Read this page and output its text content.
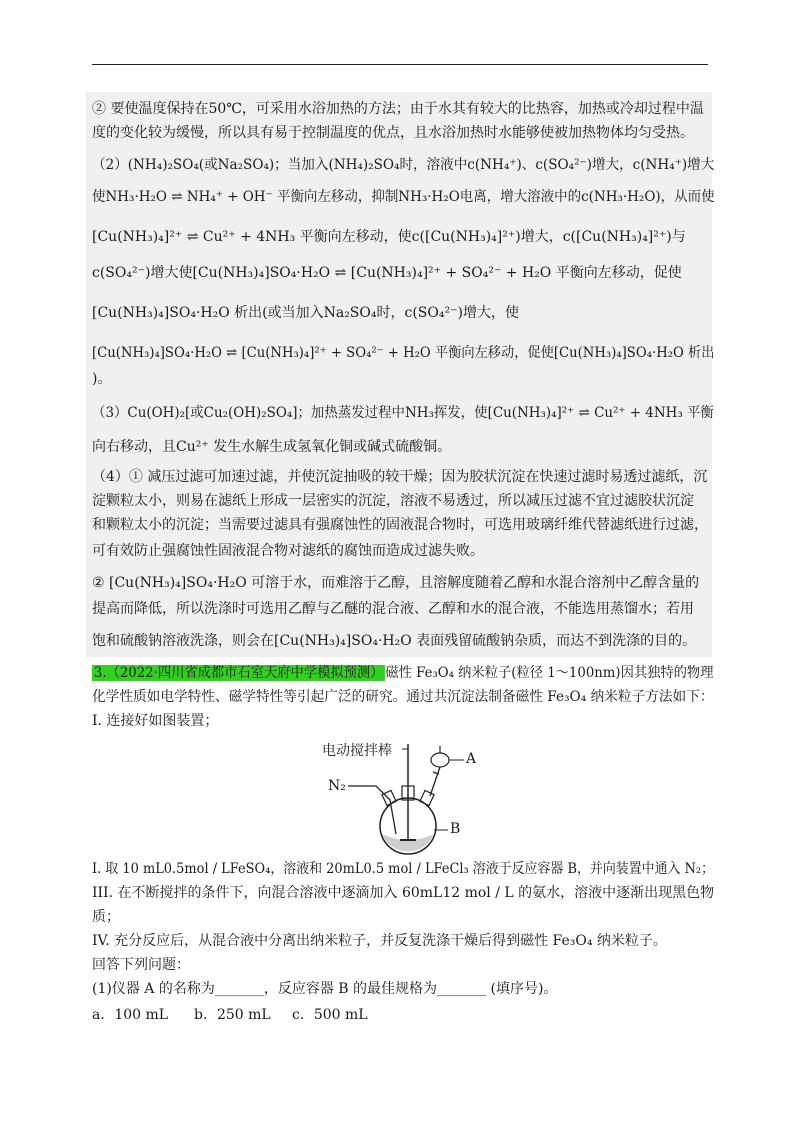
② 要使温度保持在50℃，可采用水浴加热的方法；由于水其有较大的比热容，加热或冷却过程中温
度的变化较为缓慢，所以具有易于控制温度的优点，且水浴加热时水能够使被加热物体均匀受热。
（2）(NH₄)₂SO₄(或Na₂SO₄)；当加入(NH₄)₂SO₄时，溶液中c(NH₄⁺)、c(SO₄²⁻)增大，c(NH₄⁺)增大
使NH₃·H₂O ⇌ NH₄⁺ + OH⁻ 平衡向左移动，抑制NH₃·H₂O电离，增大溶液中的c(NH₃·H₂O)，从而使
[Cu(NH₃)₄]²⁺ ⇌ Cu²⁺ + 4NH₃ 平衡向左移动，使c([Cu(NH₃)₄]²⁺)增大，c([Cu(NH₃)₄]²⁺)与
c(SO₄²⁻)增大使[Cu(NH₃)₄]SO₄·H₂O ⇌ [Cu(NH₃)₄]²⁺ + SO₄²⁻ + H₂O 平衡向左移动，促使
[Cu(NH₃)₄]SO₄·H₂O 析出(或当加入Na₂SO₄时，c(SO₄²⁻)增大，使
[Cu(NH₃)₄]SO₄·H₂O ⇌ [Cu(NH₃)₄]²⁺ + SO₄²⁻ + H₂O 平衡向左移动，促使[Cu(NH₃)₄]SO₄·H₂O 析出
)。
（3）Cu(OH)₂[或Cu₂(OH)₂SO₄]；加热蒸发过程中NH₃挥发，使[Cu(NH₃)₄]²⁺ ⇌ Cu²⁺ + 4NH₃ 平衡
向右移动，且Cu²⁺ 发生水解生成氢氧化铜或碱式硫酸铜。
（4）① 减压过滤可加速过滤，并使沉淀抽吸的较干燥；因为胶状沉淀在快速过滤时易透过滤纸，沉
淀颗粒太小，则易在滤纸上形成一层密实的沉淀，溶液不易透过，所以减压过滤不宜过滤胶状沉淀
和颗粒太小的沉淀；当需要过滤具有强腐蚀性的固液混合物时，可选用玻璃纤维代替滤纸进行过滤，
可有效防止强腐蚀性固液混合物对滤纸的腐蚀而造成过滤失败。
② [Cu(NH₃)₄]SO₄·H₂O 可溶于水，而难溶于乙醇，且溶解度随着乙醇和水混合溶剂中乙醇含量的
提高而降低，所以洗涤时可选用乙醇与乙醚的混合液、乙醇和水的混合液，不能选用蒸馏水；若用
饱和硫酸钠溶液洗涤，则会在[Cu(NH₃)₄]SO₄·H₂O 表面残留硫酸钠杂质，而达不到洗涤的目的。
3.（2022·四川省成都市石室天府中学模拟预测） 磁性 Fe₃O₄ 纳米粒子(粒径 1～100nm)因其独特的物理
化学性质如电学特性、磁学特性等引起广泛的研究。通过共沉淀法制备磁性 Fe₃O₄ 纳米粒子方法如下：
I. 连接好如图装置；
电动搅拌棒
N₂
A
B
I. 取 10 mL0.5mol / LFeSO₄，溶液和 20mL0.5 mol / LFeCl₃ 溶液于反应容器 B，并向装置中通入 N₂；
III. 在不断搅拌的条件下，向混合溶液中逐滴加入 60mL12 mol / L 的氨水，溶液中逐渐出现黑色物
质；
IV. 充分反应后，从混合液中分离出纳米粒子，并反复洗涤干燥后得到磁性 Fe₃O₄ 纳米粒子。
回答下列问题：
(1)仪器 A 的名称为_______，反应容器 B 的最佳规格为_______ (填序号)。
a．100 mL b．250 mL c．500 mL
